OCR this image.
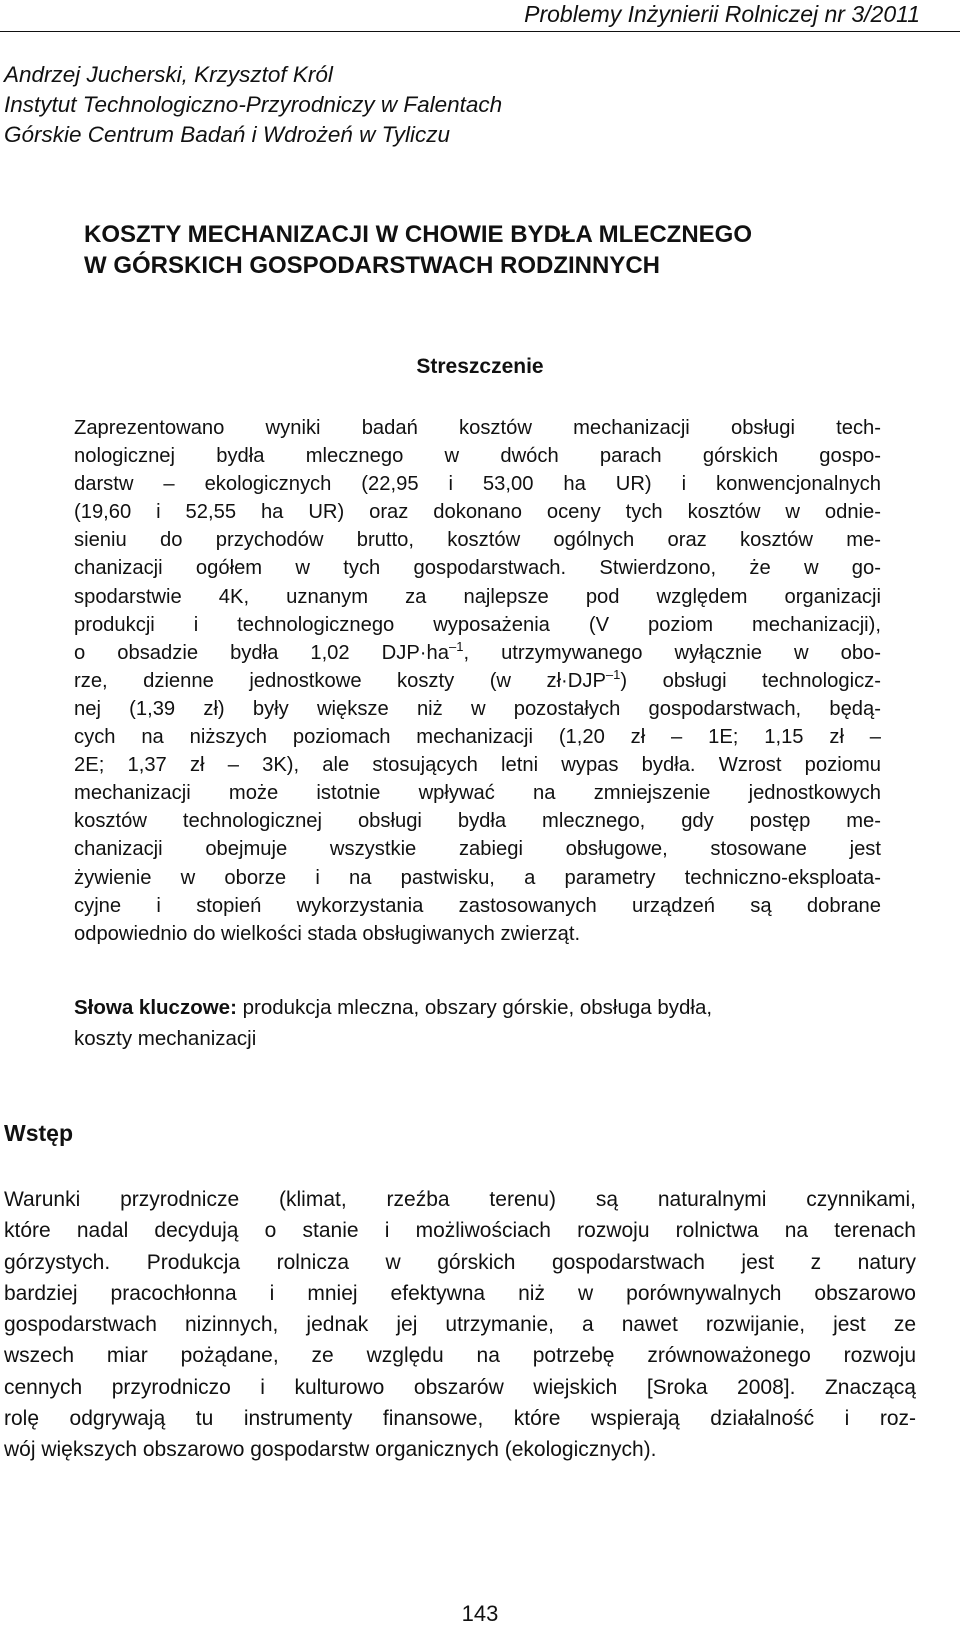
Problemy Inżynierii Rolniczej nr 3/2011
Andrzej Jucherski, Krzysztof Król
Instytut Technologiczno-Przyrodniczy w Falentach
Górskie Centrum Badań i Wdrożeń w Tyliczu
KOSZTY MECHANIZACJI W CHOWIE BYDŁA MLECZNEGO
W GÓRSKICH GOSPODARSTWACH RODZINNYCH
Streszczenie
Zaprezentowano wyniki badań kosztów mechanizacji obsługi tech-
nologicznej bydła mlecznego w dwóch parach górskich gospo-
darstw – ekologicznych (22,95 i 53,00 ha UR) i konwencjonalnych
(19,60 i 52,55 ha UR) oraz dokonano oceny tych kosztów w odnie-
sieniu do przychodów brutto, kosztów ogólnych oraz kosztów me-
chanizacji ogółem w tych gospodarstwach. Stwierdzono, że w go-
spodarstwie 4K, uznanym za najlepsze pod względem organizacji
produkcji i technologicznego wyposażenia (V poziom mechanizacji),
o obsadzie bydła 1,02 $DJP\cdot ha^{-1}$, utrzymywanego wyłącznie w obo-
rze, dzienne jednostkowe koszty (w $zł\cdot DJP^{-1}$) obsługi technologicz-
nej (1,39 zł) były większe niż w pozostałych gospodarstwach, będą-
cych na niższych poziomach mechanizacji (1,20 zł – 1E; 1,15 zł –
2E; 1,37 zł – 3K), ale stosujących letni wypas bydła. Wzrost poziomu
mechanizacji może istotnie wpływać na zmniejszenie jednostkowych
kosztów technologicznej obsługi bydła mlecznego, gdy postęp me-
chanizacji obejmuje wszystkie zabiegi obsługowe, stosowane jest
żywienie w oborze i na pastwisku, a parametry techniczno-eksploata-
cyjne i stopień wykorzystania zastosowanych urządzeń są dobrane
odpowiednio do wielkości stada obsługiwanych zwierząt.
Słowa kluczowe: produkcja mleczna, obszary górskie, obsługa bydła,
koszty mechanizacji
Wstęp
Warunki przyrodnicze (klimat, rzeźba terenu) są naturalnymi czynnikami,
które nadal decydują o stanie i możliwościach rozwoju rolnictwa na terenach
górzystych. Produkcja rolnicza w górskich gospodarstwach jest z natury
bardziej pracochłonna i mniej efektywna niż w porównywalnych obszarowo
gospodarstwach nizinnych, jednak jej utrzymanie, a nawet rozwijanie, jest ze
wszech miar pożądane, ze względu na potrzebę zrównoważonego rozwoju
cennych przyrodniczo i kulturowo obszarów wiejskich [Sroka 2008]. Znaczącą
rolę odgrywają tu instrumenty finansowe, które wspierają działalność i roz-
wój większych obszarowo gospodarstw organicznych (ekologicznych).
143
